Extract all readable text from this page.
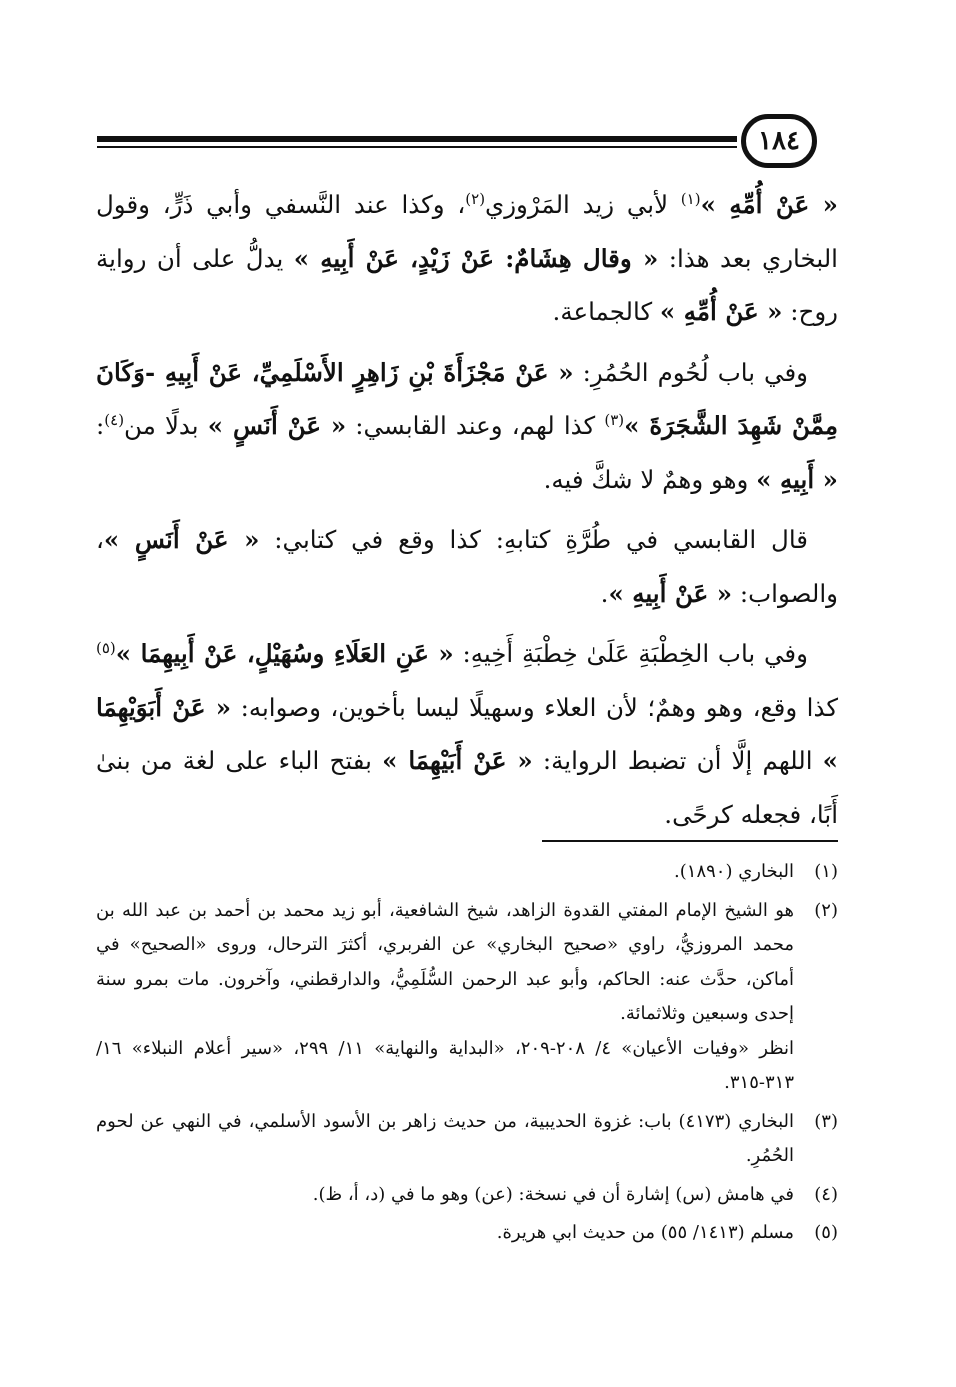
١٨٤

« عَنْ أُمِّهِ »$^{(١)}$ لأبي زيد المَرْوزي$^{(٢)}$، وكذا عند النَّسفي وأبي ذَرٍّ، وقول البخاري بعد هذا: « وقال هِشَامٌ: عَنْ زَيْدٍ، عَنْ أَبِيهِ » يدلُّ على أن رواية روح: « عَنْ أُمِّهِ » كالجماعة.

وفي باب لُحُوم الحُمُرِ: « عَنْ مَجْزَأَةَ بْنِ زَاهِرٍ الأَسْلَمِيِّ، عَنْ أَبِيهِ -وَكَانَ مِمَّنْ شَهِدَ الشَّجَرَةَ »$^{(٣)}$ كذا لهم، وعند القابسي: « عَنْ أَنَسٍ » بدلًا من$^{(٤)}$: « أَبِيهِ » وهو وهمٌ لا شكَّ فيه.

قال القابسي في طُرَّةِ كتابهِ: كذا وقع في كتابي: « عَنْ أَنَسٍ »، والصواب: « عَنْ أَبِيهِ ».

وفي باب الخِطْبَةِ عَلَىٰ خِطْبَةِ أَخِيهِ: « عَنِ العَلَاءِ وسُهَيْلٍ، عَنْ أَبِيهِمَا »$^{(٥)}$ كذا وقع، وهو وهمٌ؛ لأن العلاء وسهيلًا ليسا بأخوين، وصوابه: « عَنْ أَبَوَيْهِمَا » اللهم إلَّا أن تضبط الرواية: « عَنْ أَبَيْهِمَا » بفتح الباء على لغة من بنىٰ أَبًا، فجعله كرحًى.

(١)

البخاري (١٨٩٠).

(٢)

هو الشيخ الإمام المفتي القدوة الزاهد، شيخ الشافعية، أبو زيد محمد بن أحمد بن عبد الله بن محمد المروزيُّ، راوي «صحيح البخاري» عن الفربري، أكثرَ الترحال، وروى «الصحيح» في أماكن، حدَّث عنه: الحاكم، وأبو عبد الرحمن السُّلَمِيُّ، والدارقطني، وآخرون. مات بمرو سنة إحدى وسبعين وثلاثمائة.

انظر «وفيات الأعيان» ٤/ ٢٠٨-٢٠٩، «البداية والنهاية» ١١/ ٢٩٩، «سير أعلام النبلاء» ١٦/ ٣١٣-٣١٥.

(٣)

البخاري (٤١٧٣) باب: غزوة الحديبية، من حديث زاهر بن الأسود الأسلمي، في النهي عن لحوم الحُمُرِ.

(٤)

في هامش (س) إشارة أن في نسخة: (عن) وهو ما في (د، أ، ظ).

(٥)

مسلم (١٤١٣/ ٥٥) من حديث ابي هريرة.
